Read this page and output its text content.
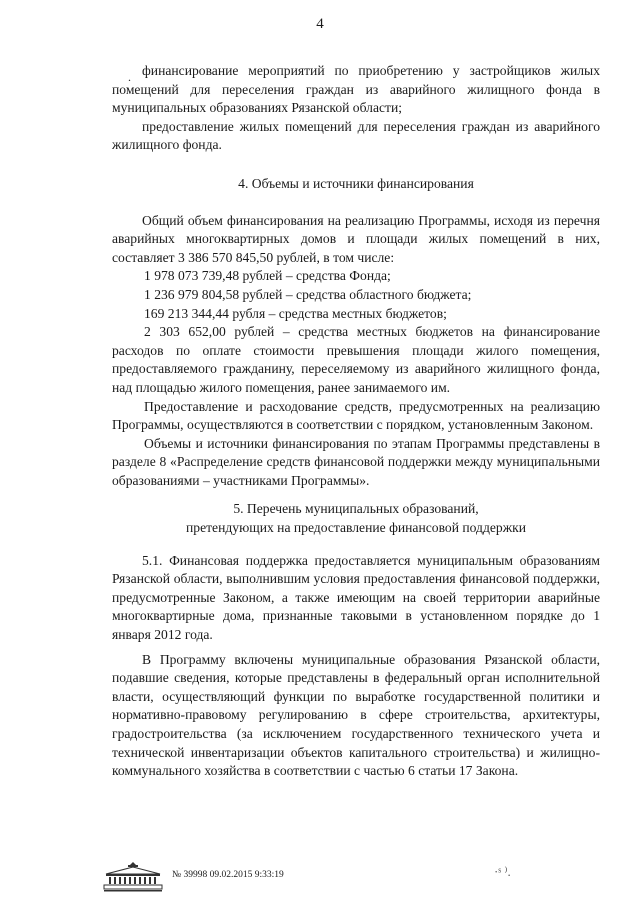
4
. финансирование мероприятий по приобретению у застройщиков жилых помещений для переселения граждан из аварийного жилищного фонда в муниципальных образованиях Рязанской области;

предоставление жилых помещений для переселения граждан из аварийного жилищного фонда.

4. Объемы и источники финансирования

Общий объем финансирования на реализацию Программы, исходя из перечня аварийных многоквартирных домов и площади жилых помещений в них, составляет 3 386 570 845,50 рублей, в том числе:

1 978 073 739,48 рублей – средства Фонда;

1 236 979 804,58 рублей – средства областного бюджета;

169 213 344,44 рубля – средства местных бюджетов;

2 303 652,00 рублей – средства местных бюджетов на финансирование расходов по оплате стоимости превышения площади жилого помещения, предоставляемого гражданину, переселяемому из аварийного жилищного фонда, над площадью жилого помещения, ранее занимаемого им.

Предоставление и расходование средств, предусмотренных на реализацию Программы, осуществляются в соответствии с порядком, установленным Законом.

Объемы и источники финансирования по этапам Программы представлены в разделе 8 «Распределение средств финансовой поддержки между муниципальными образованиями – участниками Программы».

5. Перечень муниципальных образований,

претендующих на предоставление финансовой поддержки

5.1. Финансовая поддержка предоставляется муниципальным образованиям Рязанской области, выполнившим условия предоставления финансовой поддержки, предусмотренные Законом, а также имеющим на своей территории аварийные многоквартирные дома, признанные таковыми в установленном порядке до 1 января 2012 года.

В Программу включены муниципальные образования Рязанской области, подавшие сведения, которые представлены в федеральный орган исполнительной власти, осуществляющий функции по выработке государственной политики и нормативно-правовому регулированию в сфере строительства, архитектуры, градостроительства (за исключением государственного технического учета и технической инвентаризации объектов капитального строительства) и жилищно-коммунального хозяйства в соответствии с частью 6 статьи 17 Закона.

№ 39998 09.02.2015 9:33:19	·ˢ ⁾.
